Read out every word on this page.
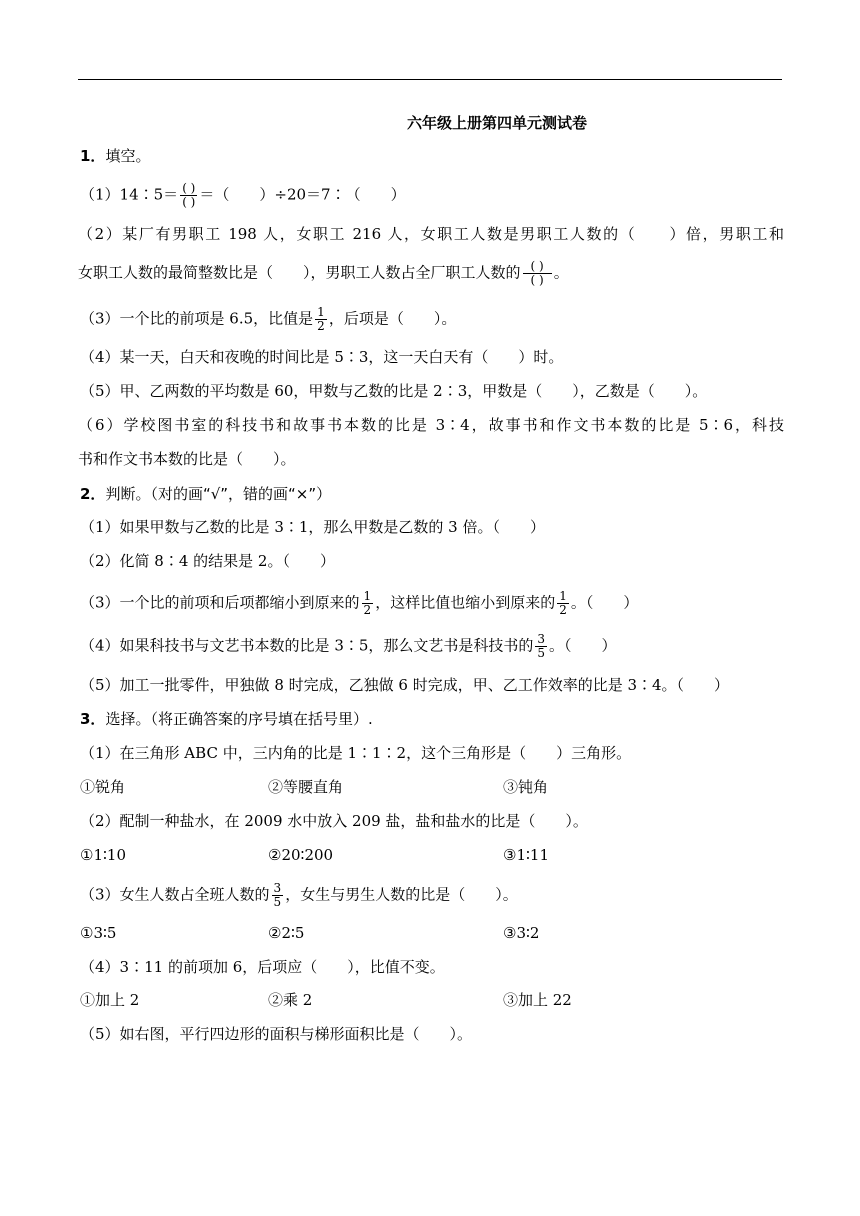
六年级上册第四单元测试卷
1．填空。
（1）14∶5＝ $\frac{( )}{( )}$ ＝（　　）÷20＝7∶（　　）
（2）某厂有男职工 198 人，女职工 216 人，女职工人数是男职工人数的（　　）倍，男职工和
女职工人数的最简整数比是（　　），男职工人数占全厂职工人数的 $\frac{( )}{( )}$ 。
（3）一个比的前项是 6.5，比值是 $\frac{1}{2}$ ，后项是（　　）。
（4）某一天，白天和夜晚的时间比是 5∶3，这一天白天有（　　）时。
（5）甲、乙两数的平均数是 60，甲数与乙数的比是 2∶3，甲数是（　　），乙数是（　　）。
（6）学校图书室的科技书和故事书本数的比是 3∶4，故事书和作文书本数的比是 5∶6，科技
书和作文书本数的比是（　　）。
2．判断。（对的画“√”，错的画“×”）
（1）如果甲数与乙数的比是 3∶1，那么甲数是乙数的 3 倍。（　　）
（2）化简 8∶4 的结果是 2。（　　）
（3）一个比的前项和后项都缩小到原来的 $\frac{1}{2}$ ，这样比值也缩小到原来的 $\frac{1}{2}$ 。（　　）
（4）如果科技书与文艺书本数的比是 3∶5，那么文艺书是科技书的 $\frac{3}{5}$ 。（　　）
（5）加工一批零件，甲独做 8 时完成，乙独做 6 时完成，甲、乙工作效率的比是 3∶4。（　　）
3．选择。（将正确答案的序号填在括号里）.
（1）在三角形 ABC 中，三内角的比是 1∶1∶2，这个三角形是（　　）三角形。
①锐角	②等腰直角	③钝角
（2）配制一种盐水，在 2009 水中放入 209 盐，盐和盐水的比是（　　）。
①1∶10	②20∶200	③1∶11
（3）女生人数占全班人数的 $\frac{3}{5}$ ，女生与男生人数的比是（　　）。
①3∶5	②2∶5	③3∶2
（4）3∶11 的前项加 6，后项应（　　），比值不变。
①加上 2	②乘 2	③加上 22
（5）如右图，平行四边形的面积与梯形面积比是（　　）。
